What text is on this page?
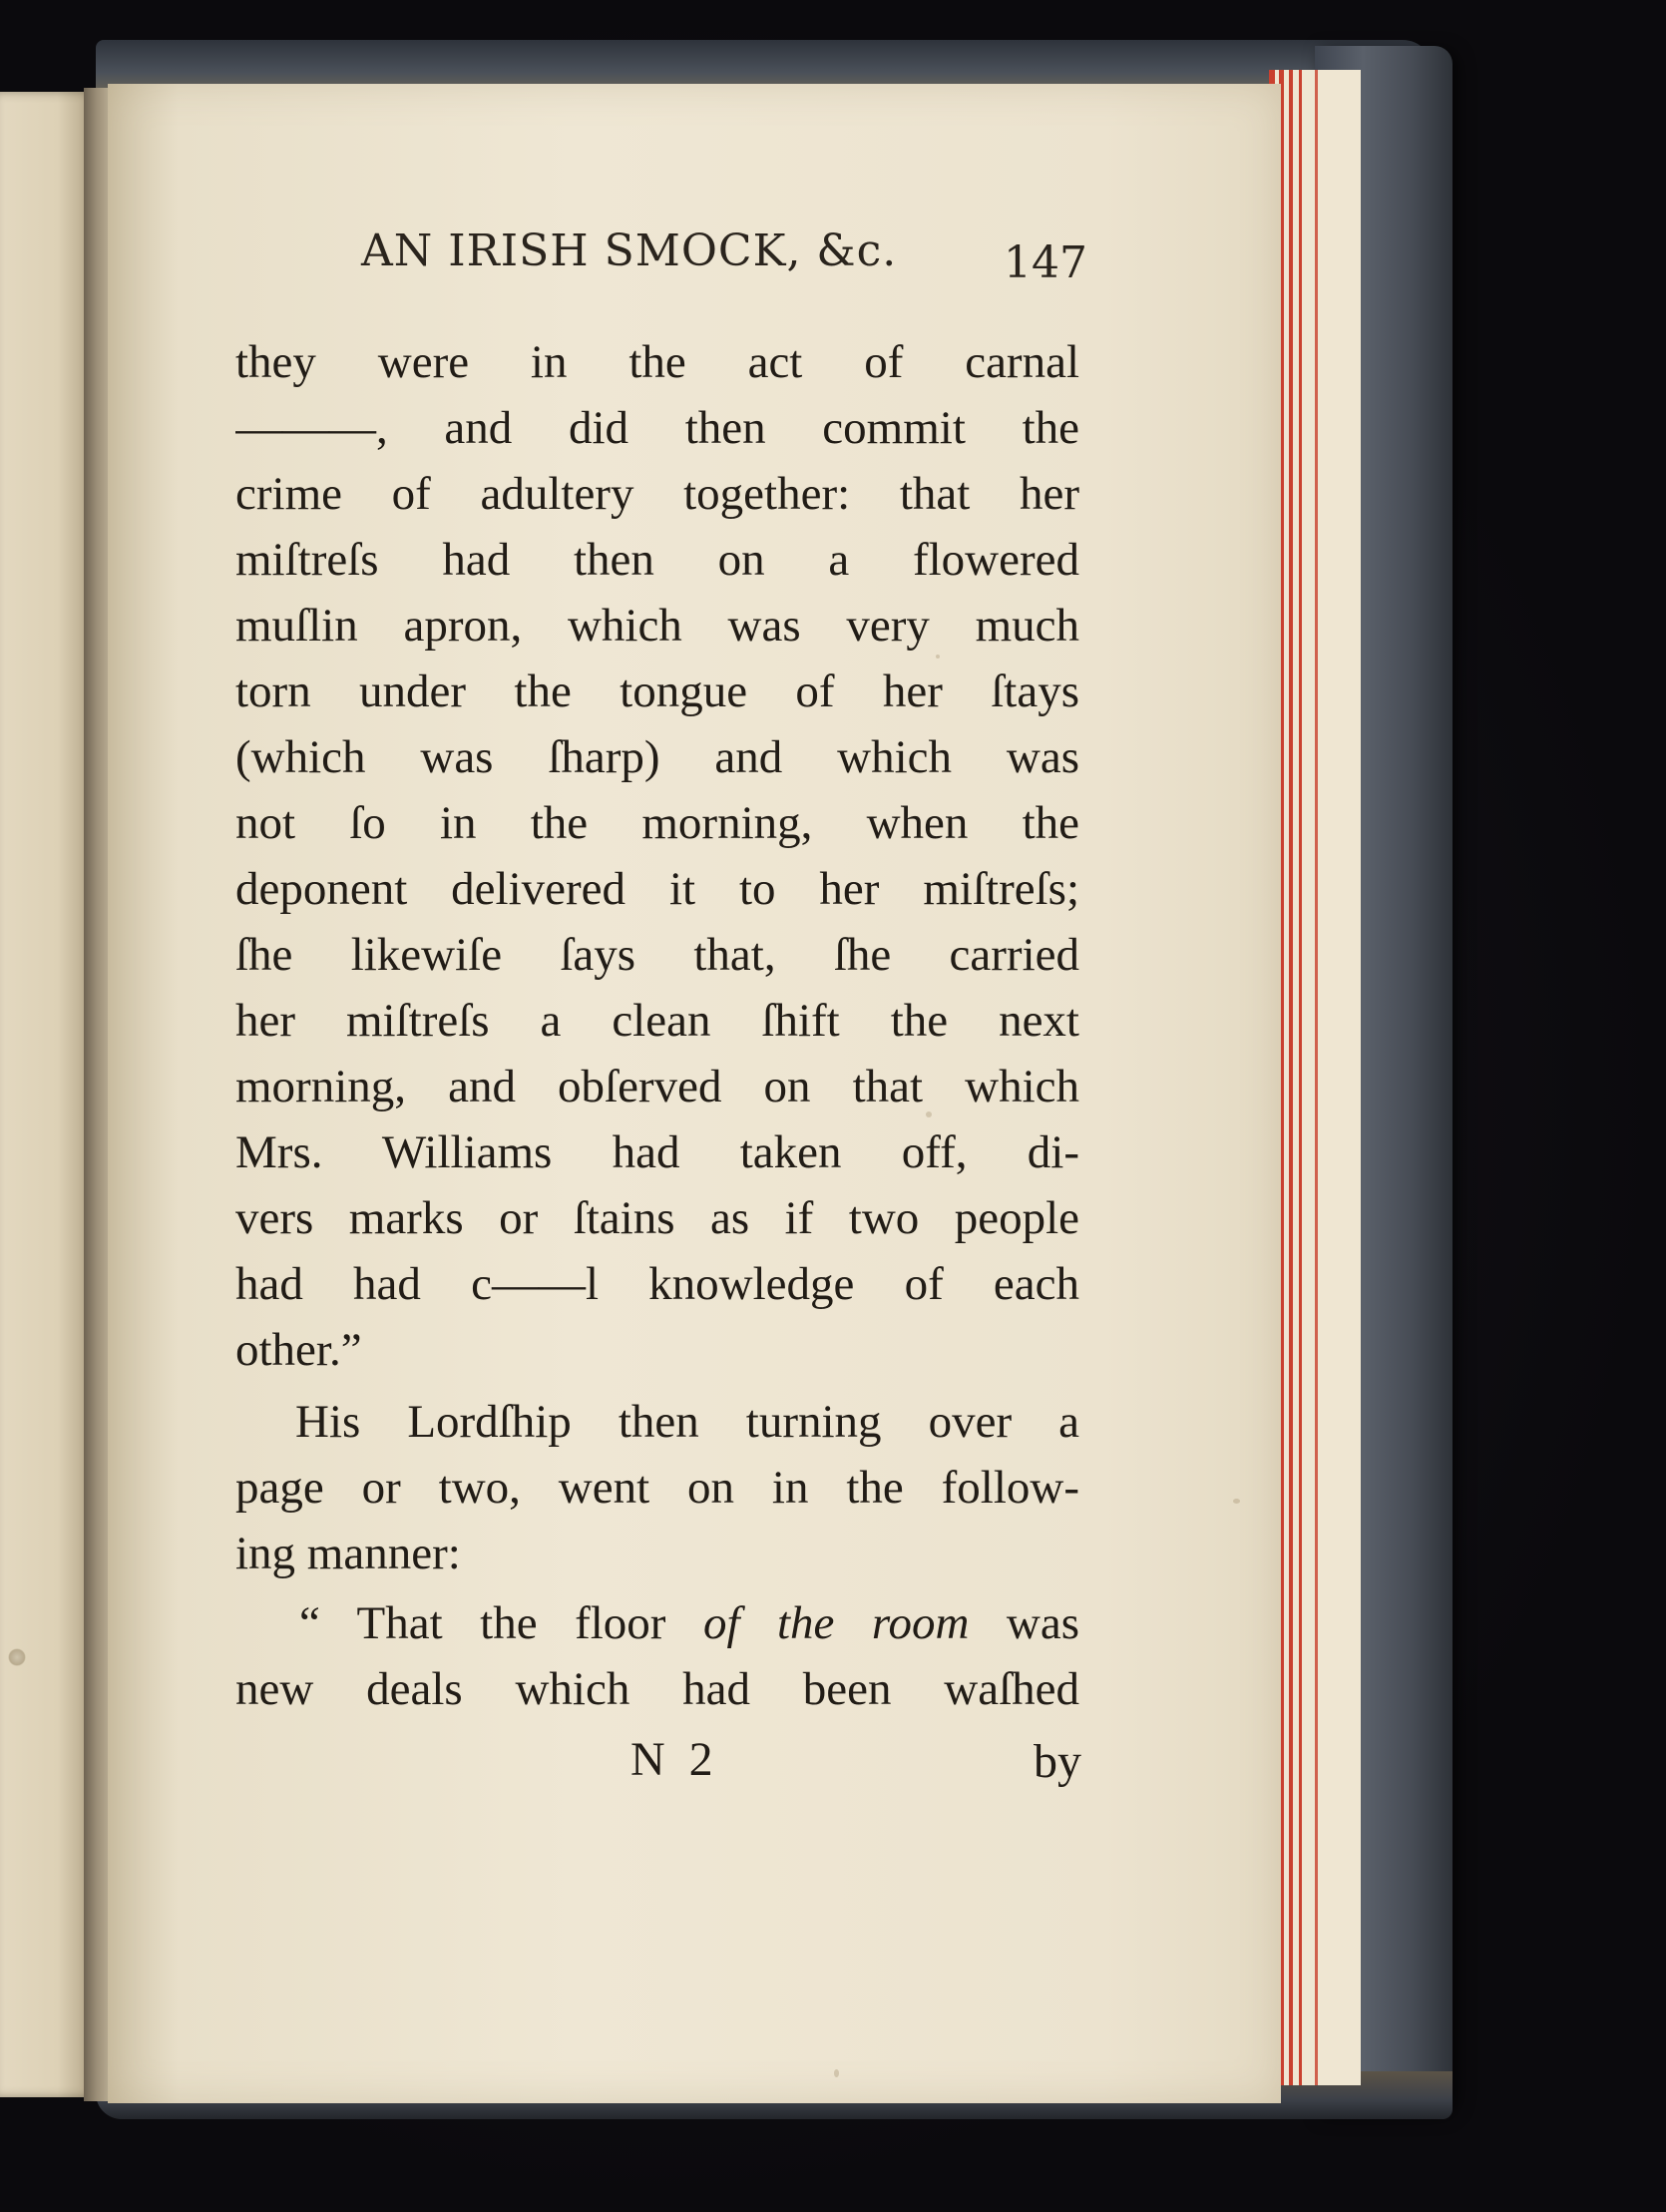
AN IRISH SMOCK, &c. 147
they were in the act of carnal
———, and did then commit the
crime of adultery together: that her
miſtreſs had then on a flowered
muſlin apron, which was very much
torn under the tongue of her ſtays
(which was ſharp) and which was
not ſo in the morning, when the
deponent delivered it to her miſtreſs;
ſhe likewiſe ſays that, ſhe carried
her miſtreſs a clean ſhift the next
morning, and obſerved on that which
Mrs. Williams had taken off, di-
vers marks or ſtains as if two people
had had c——l knowledge of each
other.”
His Lordſhip then turning over a
page or two, went on in the follow-
ing manner:
“ That the floor of the room was
new deals which had been waſhed
N 2	by
